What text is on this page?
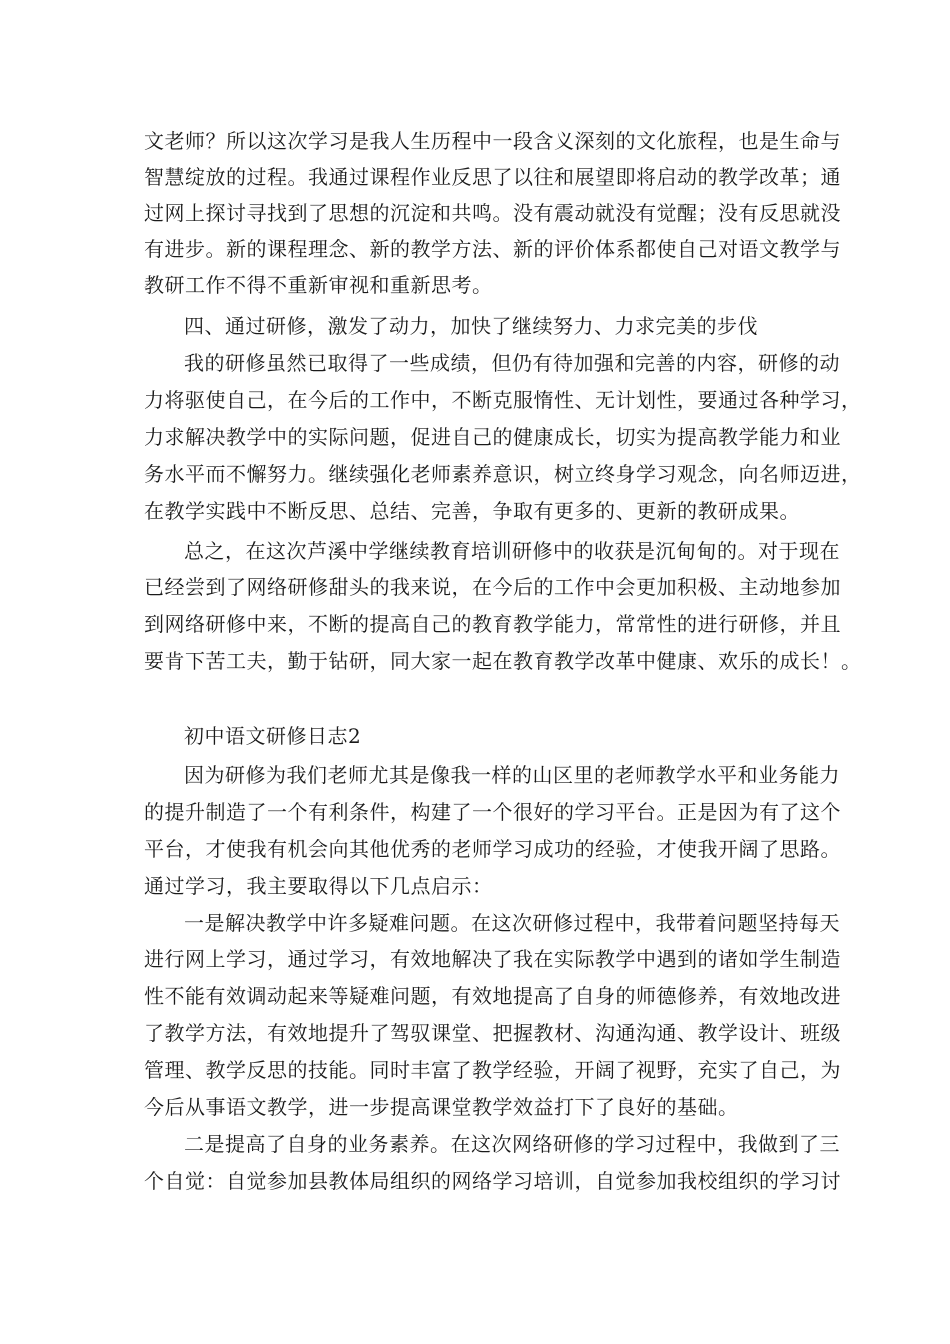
文老师？所以这次学习是我人生历程中一段含义深刻的文化旅程，也是生命与
智慧绽放的过程。我通过课程作业反思了以往和展望即将启动的教学改革；通
过网上探讨寻找到了思想的沉淀和共鸣。没有震动就没有觉醒；没有反思就没
有进步。新的课程理念、新的教学方法、新的评价体系都使自己对语文教学与
教研工作不得不重新审视和重新思考。
四、通过研修，激发了动力，加快了继续努力、力求完美的步伐
我的研修虽然已取得了一些成绩，但仍有待加强和完善的内容，研修的动
力将驱使自己，在今后的工作中，不断克服惰性、无计划性，要通过各种学习，
力求解决教学中的实际问题，促进自己的健康成长，切实为提高教学能力和业
务水平而不懈努力。继续强化老师素养意识，树立终身学习观念，向名师迈进，
在教学实践中不断反思、总结、完善，争取有更多的、更新的教研成果。
总之，在这次芦溪中学继续教育培训研修中的收获是沉甸甸的。对于现在
已经尝到了网络研修甜头的我来说，在今后的工作中会更加积极、主动地参加
到网络研修中来，不断的提高自己的教育教学能力，常常性的进行研修，并且
要肯下苦工夫，勤于钻研，同大家一起在教育教学改革中健康、欢乐的成长！。
初中语文研修日志2
因为研修为我们老师尤其是像我一样的山区里的老师教学水平和业务能力
的提升制造了一个有利条件，构建了一个很好的学习平台。正是因为有了这个
平台，才使我有机会向其他优秀的老师学习成功的经验，才使我开阔了思路。
通过学习，我主要取得以下几点启示：
一是解决教学中许多疑难问题。在这次研修过程中，我带着问题坚持每天
进行网上学习，通过学习，有效地解决了我在实际教学中遇到的诸如学生制造
性不能有效调动起来等疑难问题，有效地提高了自身的师德修养，有效地改进
了教学方法，有效地提升了驾驭课堂、把握教材、沟通沟通、教学设计、班级
管理、教学反思的技能。同时丰富了教学经验，开阔了视野，充实了自己，为
今后从事语文教学，进一步提高课堂教学效益打下了良好的基础。
二是提高了自身的业务素养。在这次网络研修的学习过程中，我做到了三
个自觉：自觉参加县教体局组织的网络学习培训，自觉参加我校组织的学习讨
